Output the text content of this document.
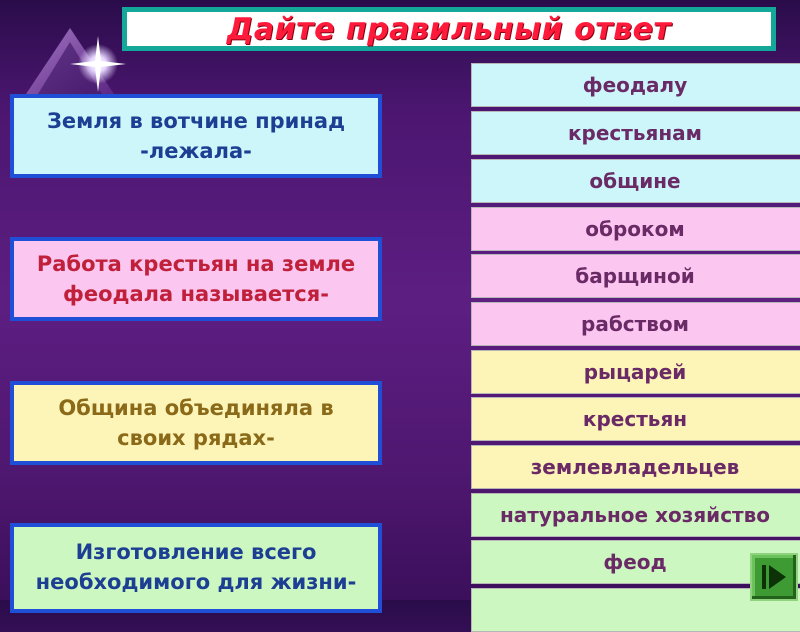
Дайте правильный ответ
Земля в вотчине принад
-лежала-
Работа крестьян на земле
феодала называется-
Община объединяла в
своих рядах-
Изготовление всего
необходимого для жизни-
феодалу
крестьянам
общине
оброком
барщиной
рабством
рыцарей
крестьян
землевладельцев
натуральное хозяйство
феод
